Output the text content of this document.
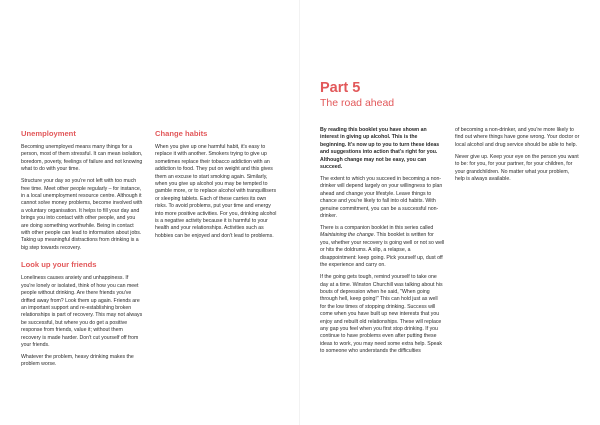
Unemployment

Becoming unemployed means many things for a person, most of them stressful. It can mean isolation, boredom, poverty, feelings of failure and not knowing what to do with your time.

Structure your day so you're not left with too much free time. Meet other people regularly – for instance, in a local unemployment resource centre. Although it cannot solve money problems, become involved with a voluntary organisation. It helps to fill your day and brings you into contact with other people, and you are doing something worthwhile. Being in contact with other people can lead to information about jobs. Taking up meaningful distractions from drinking is a big step towards recovery.

Look up your friends

Loneliness causes anxiety and unhappiness. If you're lonely or isolated, think of how you can meet people without drinking. Are there friends you've drifted away from? Look them up again. Friends are an important support and re-establishing broken relationships is part of recovery. This may not always be successful, but where you do get a positive response from friends, value it; without them recovery is made harder. Don't cut yourself off from your friends.

Whatever the problem, heavy drinking makes the problem worse.

Change habits

When you give up one harmful habit, it's easy to replace it with another. Smokers trying to give up sometimes replace their tobacco addiction with an addiction to food. They put on weight and this gives them an excuse to start smoking again. Similarly, when you give up alcohol you may be tempted to gamble more, or to replace alcohol with tranquillisers or sleeping tablets. Each of these carries its own risks. To avoid problems, put your time and energy into more positive activities. For you, drinking alcohol is a negative activity because it is harmful to your health and your relationships. Activities such as hobbies can be enjoyed and don't lead to problems.

Part 5
The road ahead

By reading this booklet you have shown an interest in giving up alcohol. This is the beginning. It's now up to you to turn these ideas and suggestions into action that's right for you. Although change may not be easy, you can succeed.

The extent to which you succeed in becoming a non-drinker will depend largely on your willingness to plan ahead and change your lifestyle. Leave things to chance and you're likely to fall into old habits. With genuine commitment, you can be a successful non-drinker.

There is a companion booklet in this series called Maintaining the change. This booklet is written for you, whether your recovery is going well or not so well or hits the doldrums. A slip, a relapse, a disappointment: keep going. Pick yourself up, dust off the experience and carry on.

If the going gets tough, remind yourself to take one day at a time. Winston Churchill was talking about his bouts of depression when he said, "When going through hell, keep going!" This can hold just as well for the low times of stopping drinking. Success will come when you have built up new interests that you enjoy and rebuilt old relationships. These will replace any gap you feel when you first stop drinking. If you continue to have problems even after putting these ideas to work, you may need some extra help. Speak to someone who understands the difficulties

of becoming a non-drinker, and you're more likely to find out where things have gone wrong. Your doctor or local alcohol and drug service should be able to help.

Never give up. Keep your eye on the person you want to be: for you, for your partner, for your children, for your grandchildren. No matter what your problem, help is always available.
